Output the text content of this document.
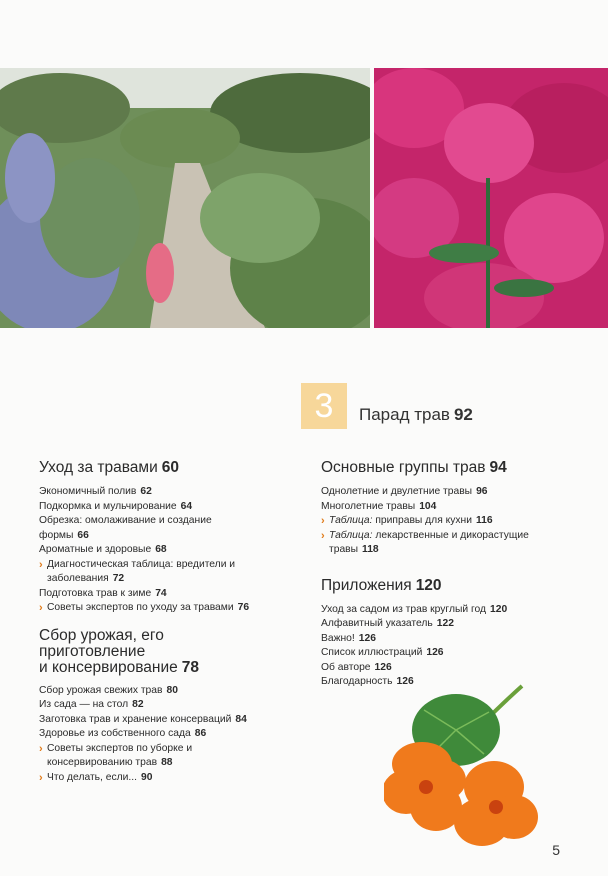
3	Парад трав 92
Уход за травами 60
Экономичный полив 62
Подкормка и мульчирование 64
Обрезка: омолаживание и создание формы 66
Ароматные и здоровые 68
› Диагностическая таблица: вредители и заболевания 72
Подготовка трав к зиме 74
› Советы экспертов по уходу за травами 76
Сбор урожая, его
приготовление
и консервирование 78
Сбор урожая свежих трав 80
Из сада — на стол 82
Заготовка трав и хранение консерваций 84
Здоровье из собственного сада 86
› Советы экспертов по уборке и консервированию трав 88
› Что делать, если... 90
Основные группы трав 94
Однолетние и двулетние травы 96
Многолетние травы 104
› Таблица: приправы для кухни 116
› Таблица: лекарственные и дикорастущие травы 118
Приложения 120
Уход за садом из трав круглый год 120
Алфавитный указатель 122
Важно! 126
Список иллюстраций 126
Об авторе 126
Благодарность 126
5
